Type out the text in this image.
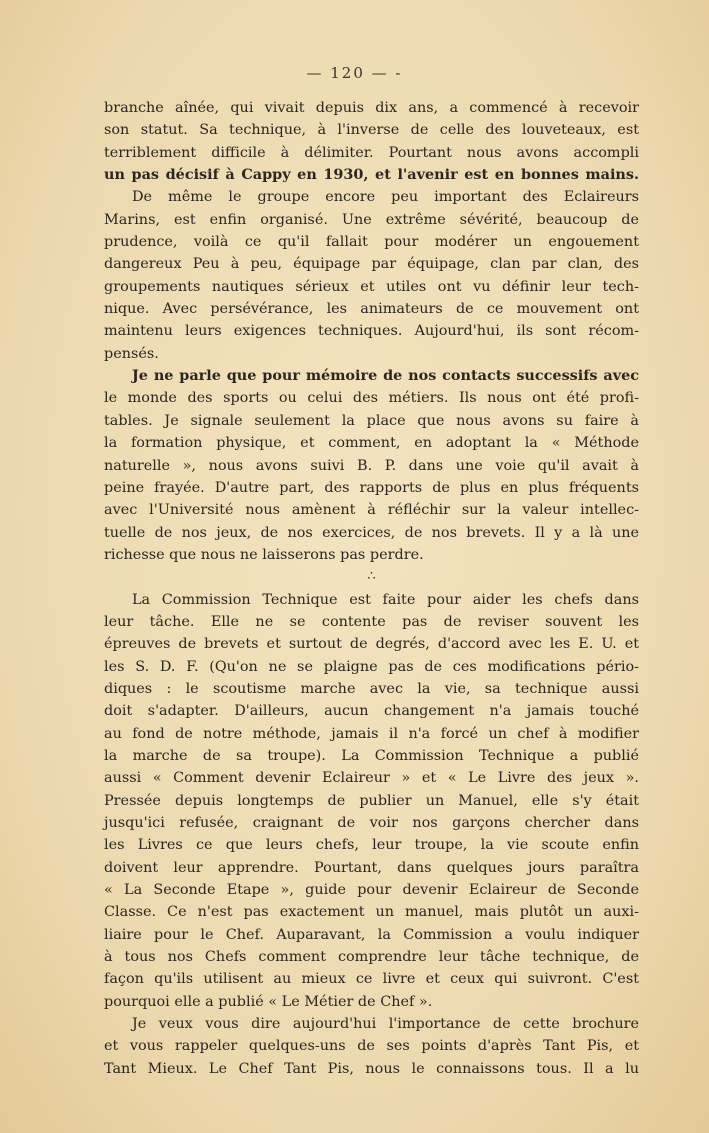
— 120 — -
branche aînée, qui vivait depuis dix ans, a commencé à recevoir
son statut. Sa technique, à l'inverse de celle des louveteaux, est
terriblement difficile à délimiter. Pourtant nous avons accompli
un pas décisif à Cappy en 1930, et l'avenir est en bonnes mains.
De même le groupe encore peu important des Eclaireurs
Marins, est enfin organisé. Une extrême sévérité, beaucoup de
prudence, voilà ce qu'il fallait pour modérer un engouement
dangereux Peu à peu, équipage par équipage, clan par clan, des
groupements nautiques sérieux et utiles ont vu définir leur tech-
nique. Avec persévérance, les animateurs de ce mouvement ont
maintenu leurs exigences techniques. Aujourd'hui, ils sont récom-
pensés.
Je ne parle que pour mémoire de nos contacts successifs avec
le monde des sports ou celui des métiers. Ils nous ont été profi-
tables. Je signale seulement la place que nous avons su faire à
la formation physique, et comment, en adoptant la « Méthode
naturelle », nous avons suivi B. P. dans une voie qu'il avait à
peine frayée. D'autre part, des rapports de plus en plus fréquents
avec l'Université nous amènent à réfléchir sur la valeur intellec-
tuelle de nos jeux, de nos exercices, de nos brevets. Il y a là une
richesse que nous ne laisserons pas perdre.
∴
La Commission Technique est faite pour aider les chefs dans
leur tâche. Elle ne se contente pas de reviser souvent les
épreuves de brevets et surtout de degrés, d'accord avec les E. U. et
les S. D. F. (Qu'on ne se plaigne pas de ces modifications pério-
diques : le scoutisme marche avec la vie, sa technique aussi
doit s'adapter. D'ailleurs, aucun changement n'a jamais touché
au fond de notre méthode, jamais il n'a forcé un chef à modifier
la marche de sa troupe). La Commission Technique a publié
aussi « Comment devenir Eclaireur » et « Le Livre des jeux ».
Pressée depuis longtemps de publier un Manuel, elle s'y était
jusqu'ici refusée, craignant de voir nos garçons chercher dans
les Livres ce que leurs chefs, leur troupe, la vie scoute enfin
doivent leur apprendre. Pourtant, dans quelques jours paraîtra
« La Seconde Etape », guide pour devenir Eclaireur de Seconde
Classe. Ce n'est pas exactement un manuel, mais plutôt un auxi-
liaire pour le Chef. Auparavant, la Commission a voulu indiquer
à tous nos Chefs comment comprendre leur tâche technique, de
façon qu'ils utilisent au mieux ce livre et ceux qui suivront. C'est
pourquoi elle a publié « Le Métier de Chef ».
Je veux vous dire aujourd'hui l'importance de cette brochure
et vous rappeler quelques-uns de ses points d'après Tant Pis, et
Tant Mieux. Le Chef Tant Pis, nous le connaissons tous. Il a lu
